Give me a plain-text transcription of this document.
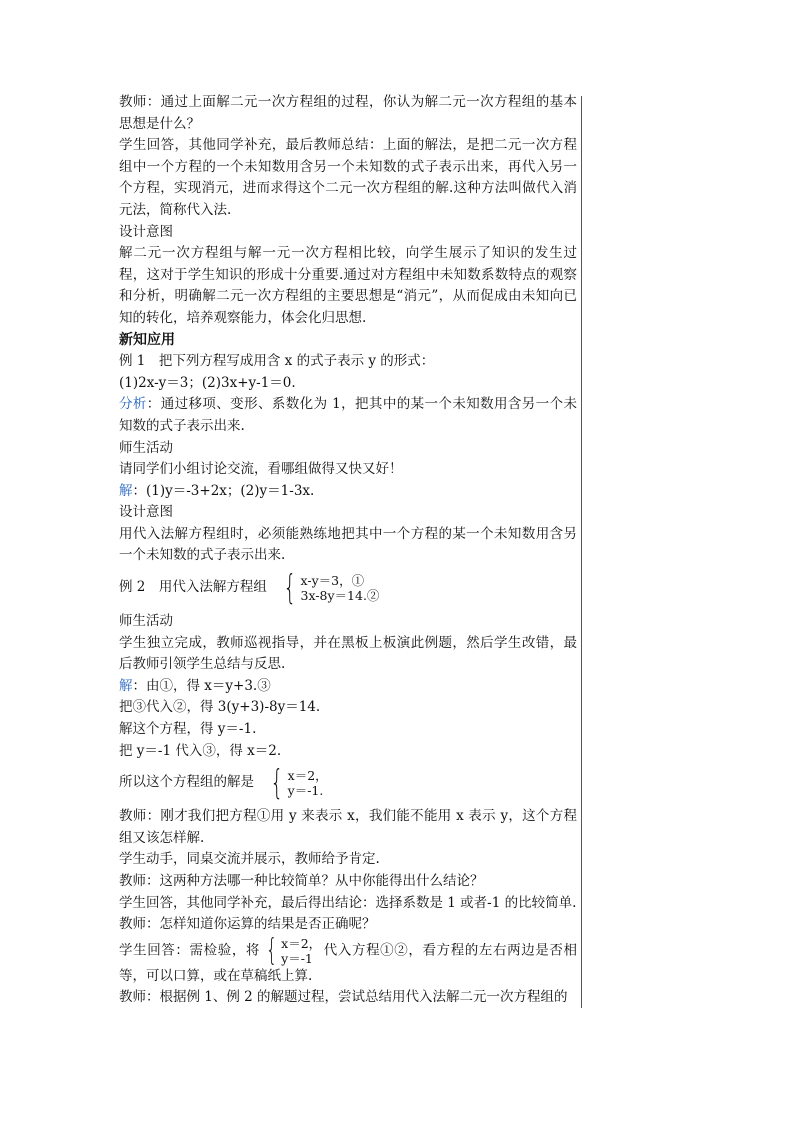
教师：通过上面解二元一次方程组的过程，你认为解二元一次方程组的基本思想是什么？

学生回答，其他同学补充，最后教师总结：上面的解法，是把二元一次方程组中一个方程的一个未知数用含另一个未知数的式子表示出来，再代入另一个方程，实现消元，进而求得这个二元一次方程组的解.这种方法叫做代入消元法，简称代入法.

设计意图

解二元一次方程组与解一元一次方程相比较，向学生展示了知识的发生过程，这对于学生知识的形成十分重要.通过对方程组中未知数系数特点的观察和分析，明确解二元一次方程组的主要思想是“消元”，从而促成由未知向已知的转化，培养观察能力，体会化归思想.

新知应用

例 1　把下列方程写成用含 x 的式子表示 y 的形式：

(1)2x-y＝3；(2)3x+y-1＝0.

分析：通过移项、变形、系数化为 1，把其中的某一个未知数用含另一个未知数的式子表示出来.

师生活动

请同学们小组讨论交流，看哪组做得又快又好！

解：(1)y＝-3+2x；(2)y＝1-3x.

设计意图

用代入法解方程组时，必须能熟练地把其中一个方程的某一个未知数用含另一个未知数的式子表示出来.

例 2　用代入法解方程组 { x-y＝3，①
3x-8y＝14.②

师生活动

学生独立完成，教师巡视指导，并在黑板上板演此例题，然后学生改错，最后教师引领学生总结与反思.

解：由①，得 x＝y+3.③

把③代入②，得 3(y+3)-8y＝14.

解这个方程，得 y＝-1.

把 y＝-1 代入③，得 x＝2.

所以这个方程组的解是 { x＝2，
y＝-1.

教师：刚才我们把方程①用 y 来表示 x，我们能不能用 x 表示 y，这个方程组又该怎样解.

学生动手，同桌交流并展示，教师给予肯定.

教师：这两种方法哪一种比较简单？从中你能得出什么结论？

学生回答，其他同学补充，最后得出结论：选择系数是 1 或者-1 的比较简单.

教师：怎样知道你运算的结果是否正确呢？

学生回答：需检验，将 { x＝2，
y＝-1 代入方程①②，看方程的左右两边是否相等，可以口算，或在草稿纸上算.

教师：根据例 1、例 2 的解题过程，尝试总结用代入法解二元一次方程组的
